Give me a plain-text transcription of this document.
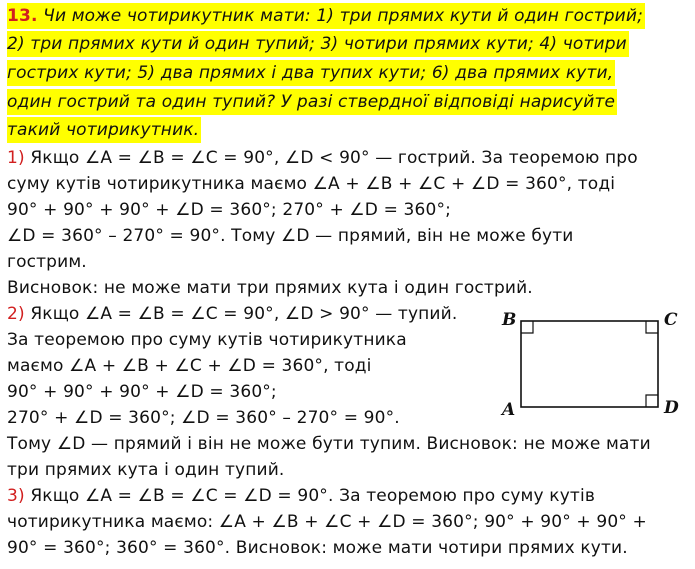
13. Чи може чотирикутник мати: 1) три прямих кути й один гострий;
2) три прямих кути й один тупий; 3) чотири прямих кути; 4) чотири
гострих кути; 5) два прямих і два тупих кути; 6) два прямих кути,
один гострий та один тупий? У разі ствердної відповіді нарисуйте
такий чотирикутник.
1) Якщо ∠A = ∠B = ∠C = 90°, ∠D < 90° — гострий. За теоремою про
суму кутів чотирикутника маємо ∠A + ∠B + ∠C + ∠D = 360°, тоді
90° + 90° + 90° + ∠D = 360°; 270° + ∠D = 360°;
∠D = 360° – 270° = 90°. Тому ∠D — прямий, він не може бути
гострим.
Висновок: не може мати три прямих кута і один гострий.
2) Якщо ∠A = ∠B = ∠C = 90°, ∠D > 90° — тупий.
За теоремою про суму кутів чотирикутника
маємо ∠A + ∠B + ∠C + ∠D = 360°, тоді
90° + 90° + 90° + ∠D = 360°;
270° + ∠D = 360°; ∠D = 360° – 270° = 90°.
Тому ∠D — прямий і він не може бути тупим. Висновок: не може мати
три прямих кута і один тупий.
3) Якщо ∠A = ∠B = ∠C = ∠D = 90°. За теоремою про суму кутів
чотирикутника маємо: ∠A + ∠B + ∠C + ∠D = 360°; 90° + 90° + 90° +
90° = 360°; 360° = 360°. Висновок: може мати чотири прямих кути.
B	C
A	D
